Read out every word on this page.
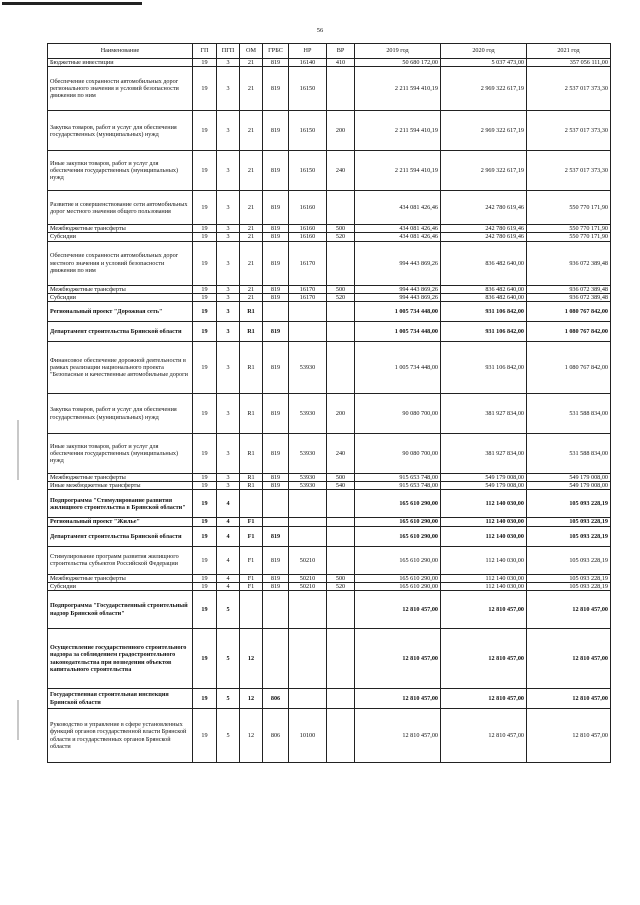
56
Наименование	ГП	ПГП	ОМ	ГРБС	НР	ВР	2019 год	2020 год	2021 год
Бюджетные инвестиции	19	3	21	819	16140	410	50 680 172,00	5 037 473,00	357 056 111,00
Обеспечение сохранности автомобильных дорог регионального значения и условий безопасности движения по ним	19	3	21	819	16150		2 211 594 410,19	2 969 322 617,19	2 537 017 373,30
Закупка товаров, работ и услуг для обеспечения государственных (муниципальных) нужд	19	3	21	819	16150	200	2 211 594 410,19	2 969 322 617,19	2 537 017 373,30
Иные закупки товаров, работ и услуг для обеспечения государственных (муниципальных) нужд	19	3	21	819	16150	240	2 211 594 410,19	2 969 322 617,19	2 537 017 373,30
Развитие и совершенствование сети автомобильных дорог местного значения общего пользования	19	3	21	819	16160		434 081 426,46	242 780 619,46	550 770 171,90
Межбюджетные трансферты	19	3	21	819	16160	500	434 081 426,46	242 780 619,46	550 770 171,90
Субсидии	19	3	21	819	16160	520	434 081 426,46	242 780 619,46	550 770 171,90
Обеспечение сохранности автомобильных дорог местного значения и условий безопасности движения по ним	19	3	21	819	16170		994 443 869,26	836 482 640,00	936 072 389,48
Межбюджетные трансферты	19	3	21	819	16170	500	994 443 869,26	836 482 640,00	936 072 389,48
Субсидии	19	3	21	819	16170	520	994 443 869,26	836 482 640,00	936 072 389,48
Региональный проект "Дорожная сеть"	19	3	R1				1 005 734 448,00	931 106 842,00	1 080 767 842,00
Департамент строительства Брянской области	19	3	R1	819			1 005 734 448,00	931 106 842,00	1 080 767 842,00
Финансовое обеспечение дорожной деятельности в рамках реализации национального проекта "Безопасные и качественные автомобильные дороги	19	3	R1	819	53930		1 005 734 448,00	931 106 842,00	1 080 767 842,00
Закупка товаров, работ и услуг для обеспечения государственных (муниципальных) нужд	19	3	R1	819	53930	200	90 080 700,00	381 927 834,00	531 588 834,00
Иные закупки товаров, работ и услуг для обеспечения государственных (муниципальных) нужд	19	3	R1	819	53930	240	90 080 700,00	381 927 834,00	531 588 834,00
Межбюджетные трансферты	19	3	R1	819	53930	500	915 653 748,00	549 179 008,00	549 179 008,00
Иные межбюджетные трансферты	19	3	R1	819	53930	540	915 653 748,00	549 179 008,00	549 179 008,00
Подпрограмма "Стимулирование развития жилищного строительства в Брянской области"	19	4					165 610 290,00	112 140 030,00	105 093 228,19
Региональный проект "Жилье"	19	4	F1				165 610 290,00	112 140 030,00	105 093 228,19
Департамент строительства Брянской области	19	4	F1	819			165 610 290,00	112 140 030,00	105 093 228,19
Стимулирование программ развития жилищного строительства субъектов Российской Федерации	19	4	F1	819	50210		165 610 290,00	112 140 030,00	105 093 228,19
Межбюджетные трансферты	19	4	F1	819	50210	500	165 610 290,00	112 140 030,00	105 093 228,19
Субсидии	19	4	F1	819	50210	520	165 610 290,00	112 140 030,00	105 093 228,19
Подпрограмма "Государственный строительный надзор Брянской области"	19	5					12 810 457,00	12 810 457,00	12 810 457,00
Осуществление государственного строительного надзора за соблюдением градостроительного законодательства при возведении объектов капитального строительства	19	5	12				12 810 457,00	12 810 457,00	12 810 457,00
Государственная строительная инспекция Брянской области	19	5	12	806			12 810 457,00	12 810 457,00	12 810 457,00
Руководство и управление в сфере установленных функций органов государственной власти Брянской области и государственных органов Брянской области	19	5	12	806	10100		12 810 457,00	12 810 457,00	12 810 457,00
